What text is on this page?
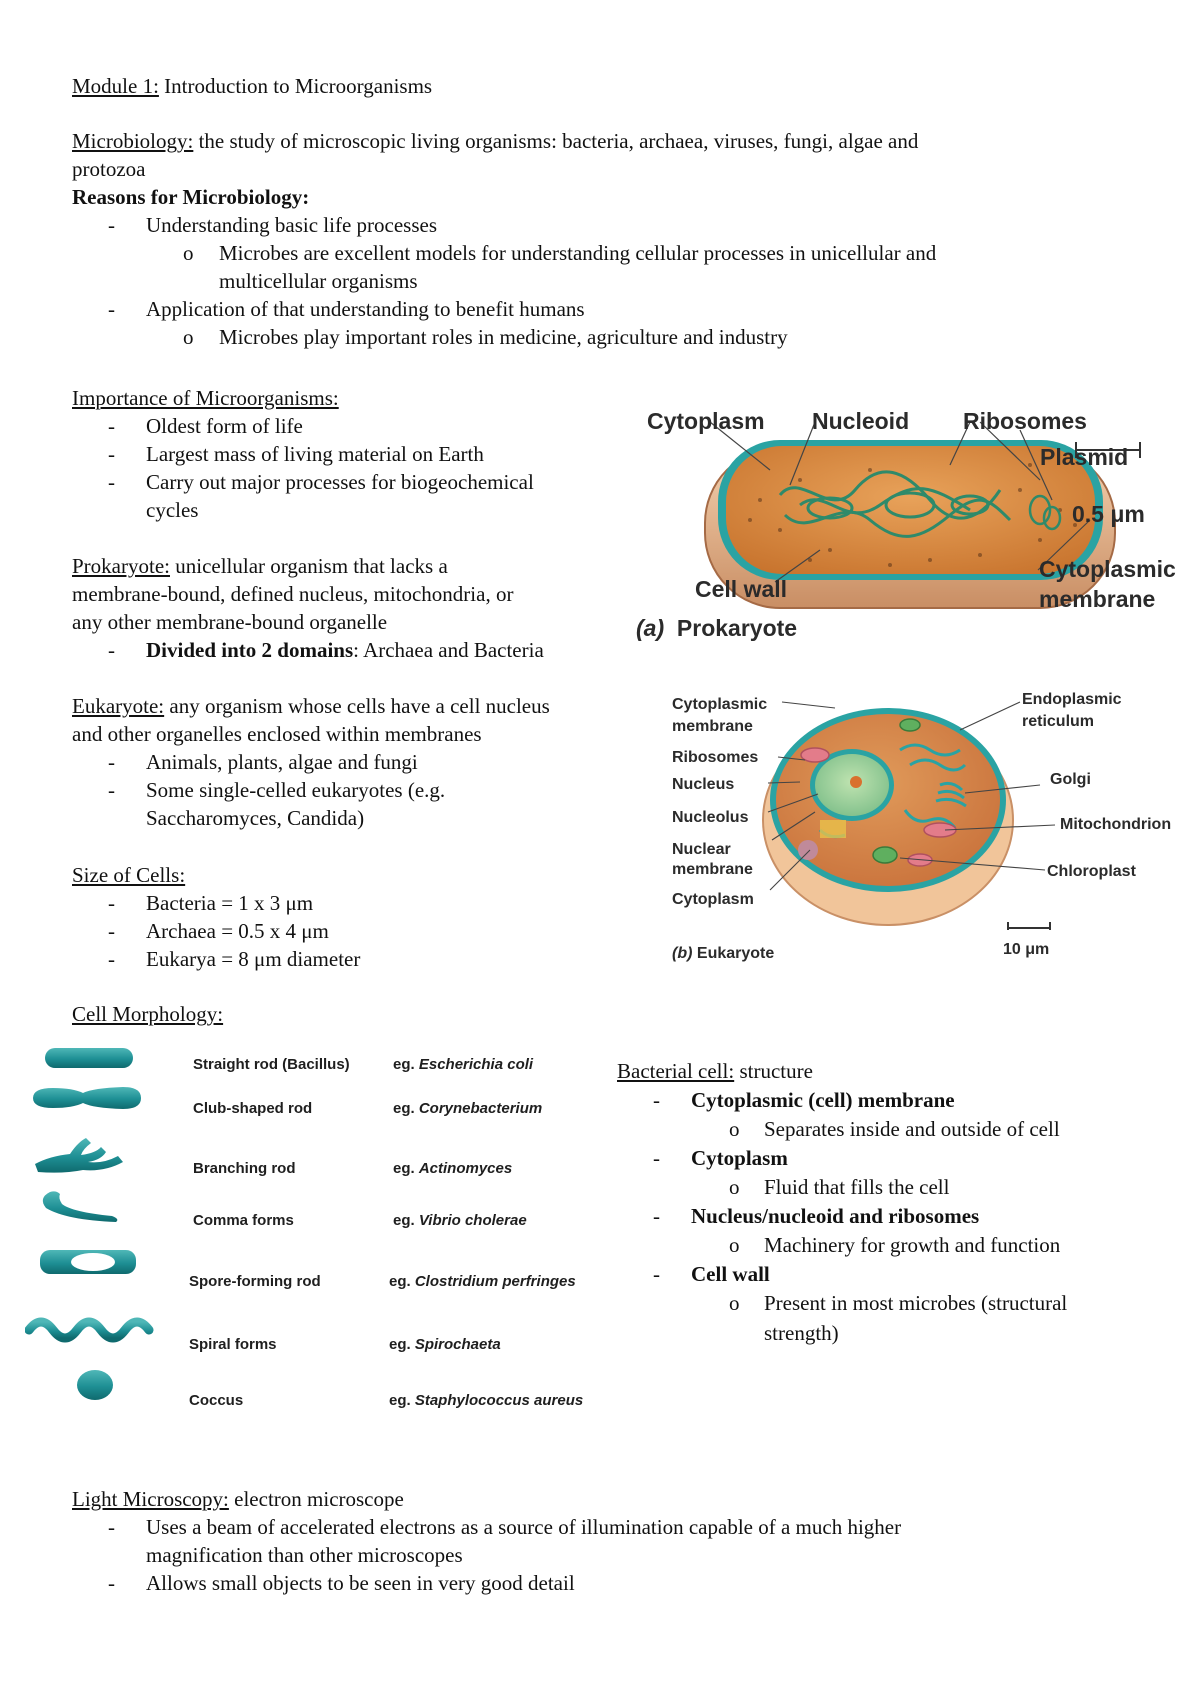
Module 1: Introduction to Microorganisms
Microbiology: the study of microscopic living organisms: bacteria, archaea, viruses, fungi, algae and
protozoa
Reasons for Microbiology:
- Understanding basic life processes
o Microbes are excellent models for understanding cellular processes in unicellular and
multicellular organisms
- Application of that understanding to benefit humans
o Microbes play important roles in medicine, agriculture and industry
Importance of Microorganisms:
- Oldest form of life
- Largest mass of living material on Earth
- Carry out major processes for biogeochemical
cycles
Prokaryote: unicellular organism that lacks a
membrane-bound, defined nucleus, mitochondria, or
any other membrane-bound organelle
- Divided into 2 domains: Archaea and Bacteria
Eukaryote: any organism whose cells have a cell nucleus
and other organelles enclosed within membranes
- Animals, plants, algae and fungi
- Some single-celled eukaryotes (e.g.
Saccharomyces, Candida)
Size of Cells:
- Bacteria = 1 x 3 μm
- Archaea = 0.5 x 4 μm
- Eukarya = 8 μm diameter
Cytoplasm Nucleoid Ribosomes
Plasmid
0.5 μm
Cell wall
Cytoplasmic
membrane
(a) Prokaryote
Cytoplasmic
membrane
Ribosomes
Nucleus
Nucleolus
Nuclear
membrane
Cytoplasm
Endoplasmic
reticulum
Golgi
Mitochondrion
Chloroplast
10 μm
(b) Eukaryote
Cell Morphology:
Straight rod (Bacillus)	eg. Escherichia coli
Club-shaped rod	eg. Corynebacterium
Branching rod	eg. Actinomyces
Comma forms	eg. Vibrio cholerae
Spore-forming rod	eg. Clostridium perfringes
Spiral forms	eg. Spirochaeta
Coccus	eg. Staphylococcus aureus
Bacterial cell: structure
- Cytoplasmic (cell) membrane
o Separates inside and outside of cell
- Cytoplasm
o Fluid that fills the cell
- Nucleus/nucleoid and ribosomes
o Machinery for growth and function
- Cell wall
o Present in most microbes (structural
strength)
Light Microscopy: electron microscope
- Uses a beam of accelerated electrons as a source of illumination capable of a much higher
magnification than other microscopes
- Allows small objects to be seen in very good detail
